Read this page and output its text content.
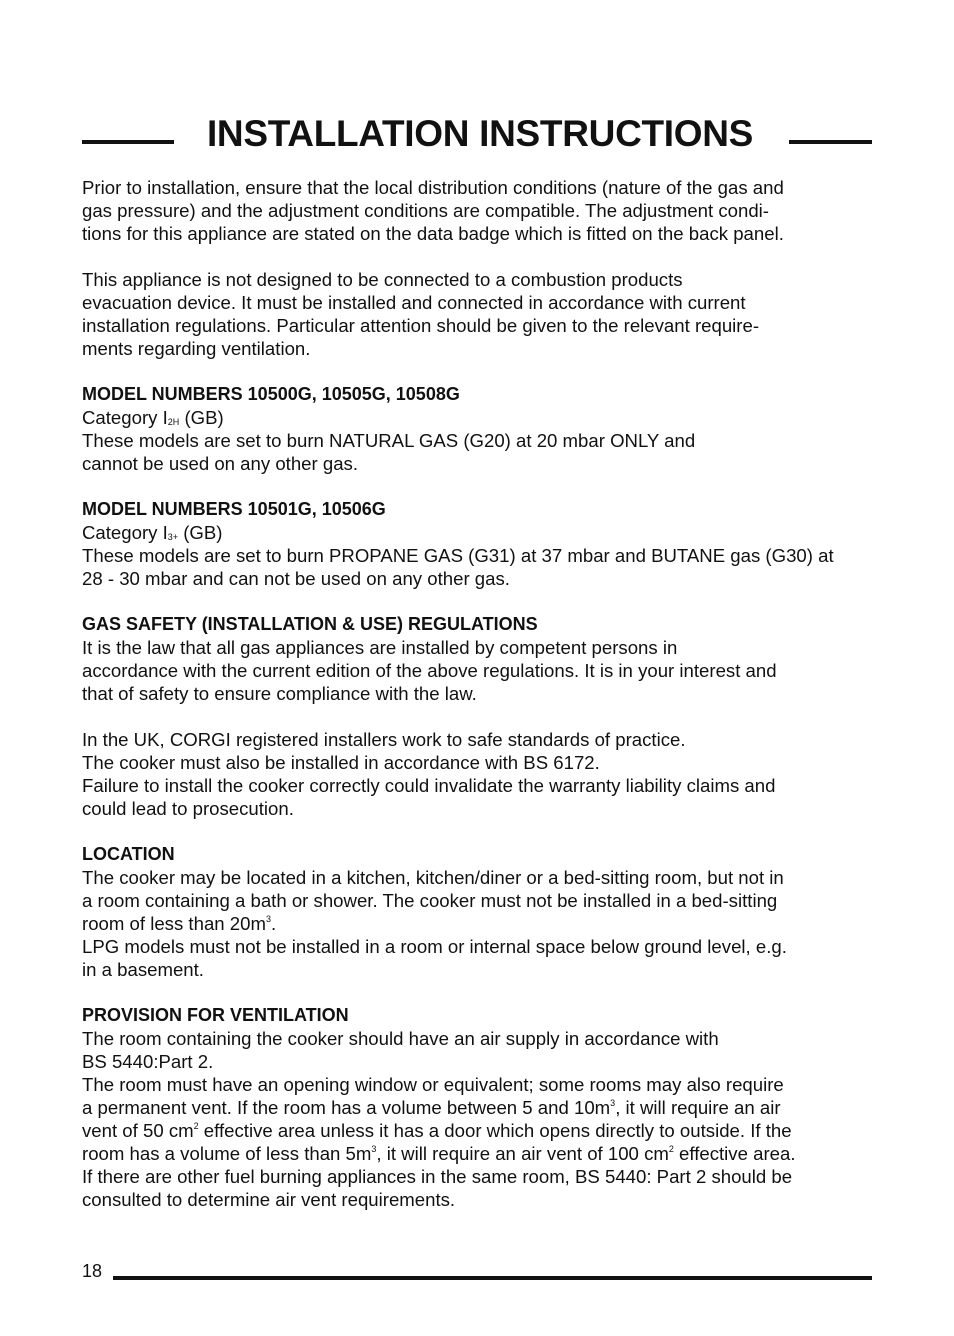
INSTALLATION INSTRUCTIONS

Prior to installation, ensure that the local distribution conditions (nature of the gas and
gas pressure) and the adjustment conditions are compatible. The adjustment condi-
tions for this appliance are stated on the data badge which is fitted on the back panel.

This appliance is not designed to be connected to a combustion products
evacuation device. It must be installed and connected in accordance with current
installation regulations. Particular attention should be given to the relevant require-
ments regarding ventilation.

MODEL NUMBERS 10500G, 10505G, 10508G
Category $I_{2H}$ (GB)
These models are set to burn NATURAL GAS (G20) at 20 mbar ONLY and
cannot be used on any other gas.

MODEL NUMBERS 10501G, 10506G
Category $I_{3+}$ (GB)
These models are set to burn PROPANE GAS (G31) at 37 mbar and BUTANE gas (G30) at
28 - 30 mbar and can not be used on any other gas.

GAS SAFETY (INSTALLATION & USE) REGULATIONS
It is the law that all gas appliances are installed by competent persons in
accordance with the current edition of the above regulations. It is in your interest and
that of safety to ensure compliance with the law.

In the UK, CORGI registered installers work to safe standards of practice.
The cooker must also be installed in accordance with BS 6172.
Failure to install the cooker correctly could invalidate the warranty liability claims and
could lead to prosecution.

LOCATION
The cooker may be located in a kitchen, kitchen/diner or a bed-sitting room, but not in
a room containing a bath or shower. The cooker must not be installed in a bed-sitting
room of less than $20m^3$.
LPG models must not be installed in a room or internal space below ground level, e.g.
in a basement.

PROVISION FOR VENTILATION
The room containing the cooker should have an air supply in accordance with
BS 5440:Part 2.
The room must have an opening window or equivalent; some rooms may also require
a permanent vent. If the room has a volume between 5 and $10m^3$, it will require an air
vent of 50 $cm^2$ effective area unless it has a door which opens directly to outside. If the
room has a volume of less than $5m^3$, it will require an air vent of 100 $cm^2$ effective area.
If there are other fuel burning appliances in the same room, BS 5440: Part 2 should be
consulted to determine air vent requirements.

18
